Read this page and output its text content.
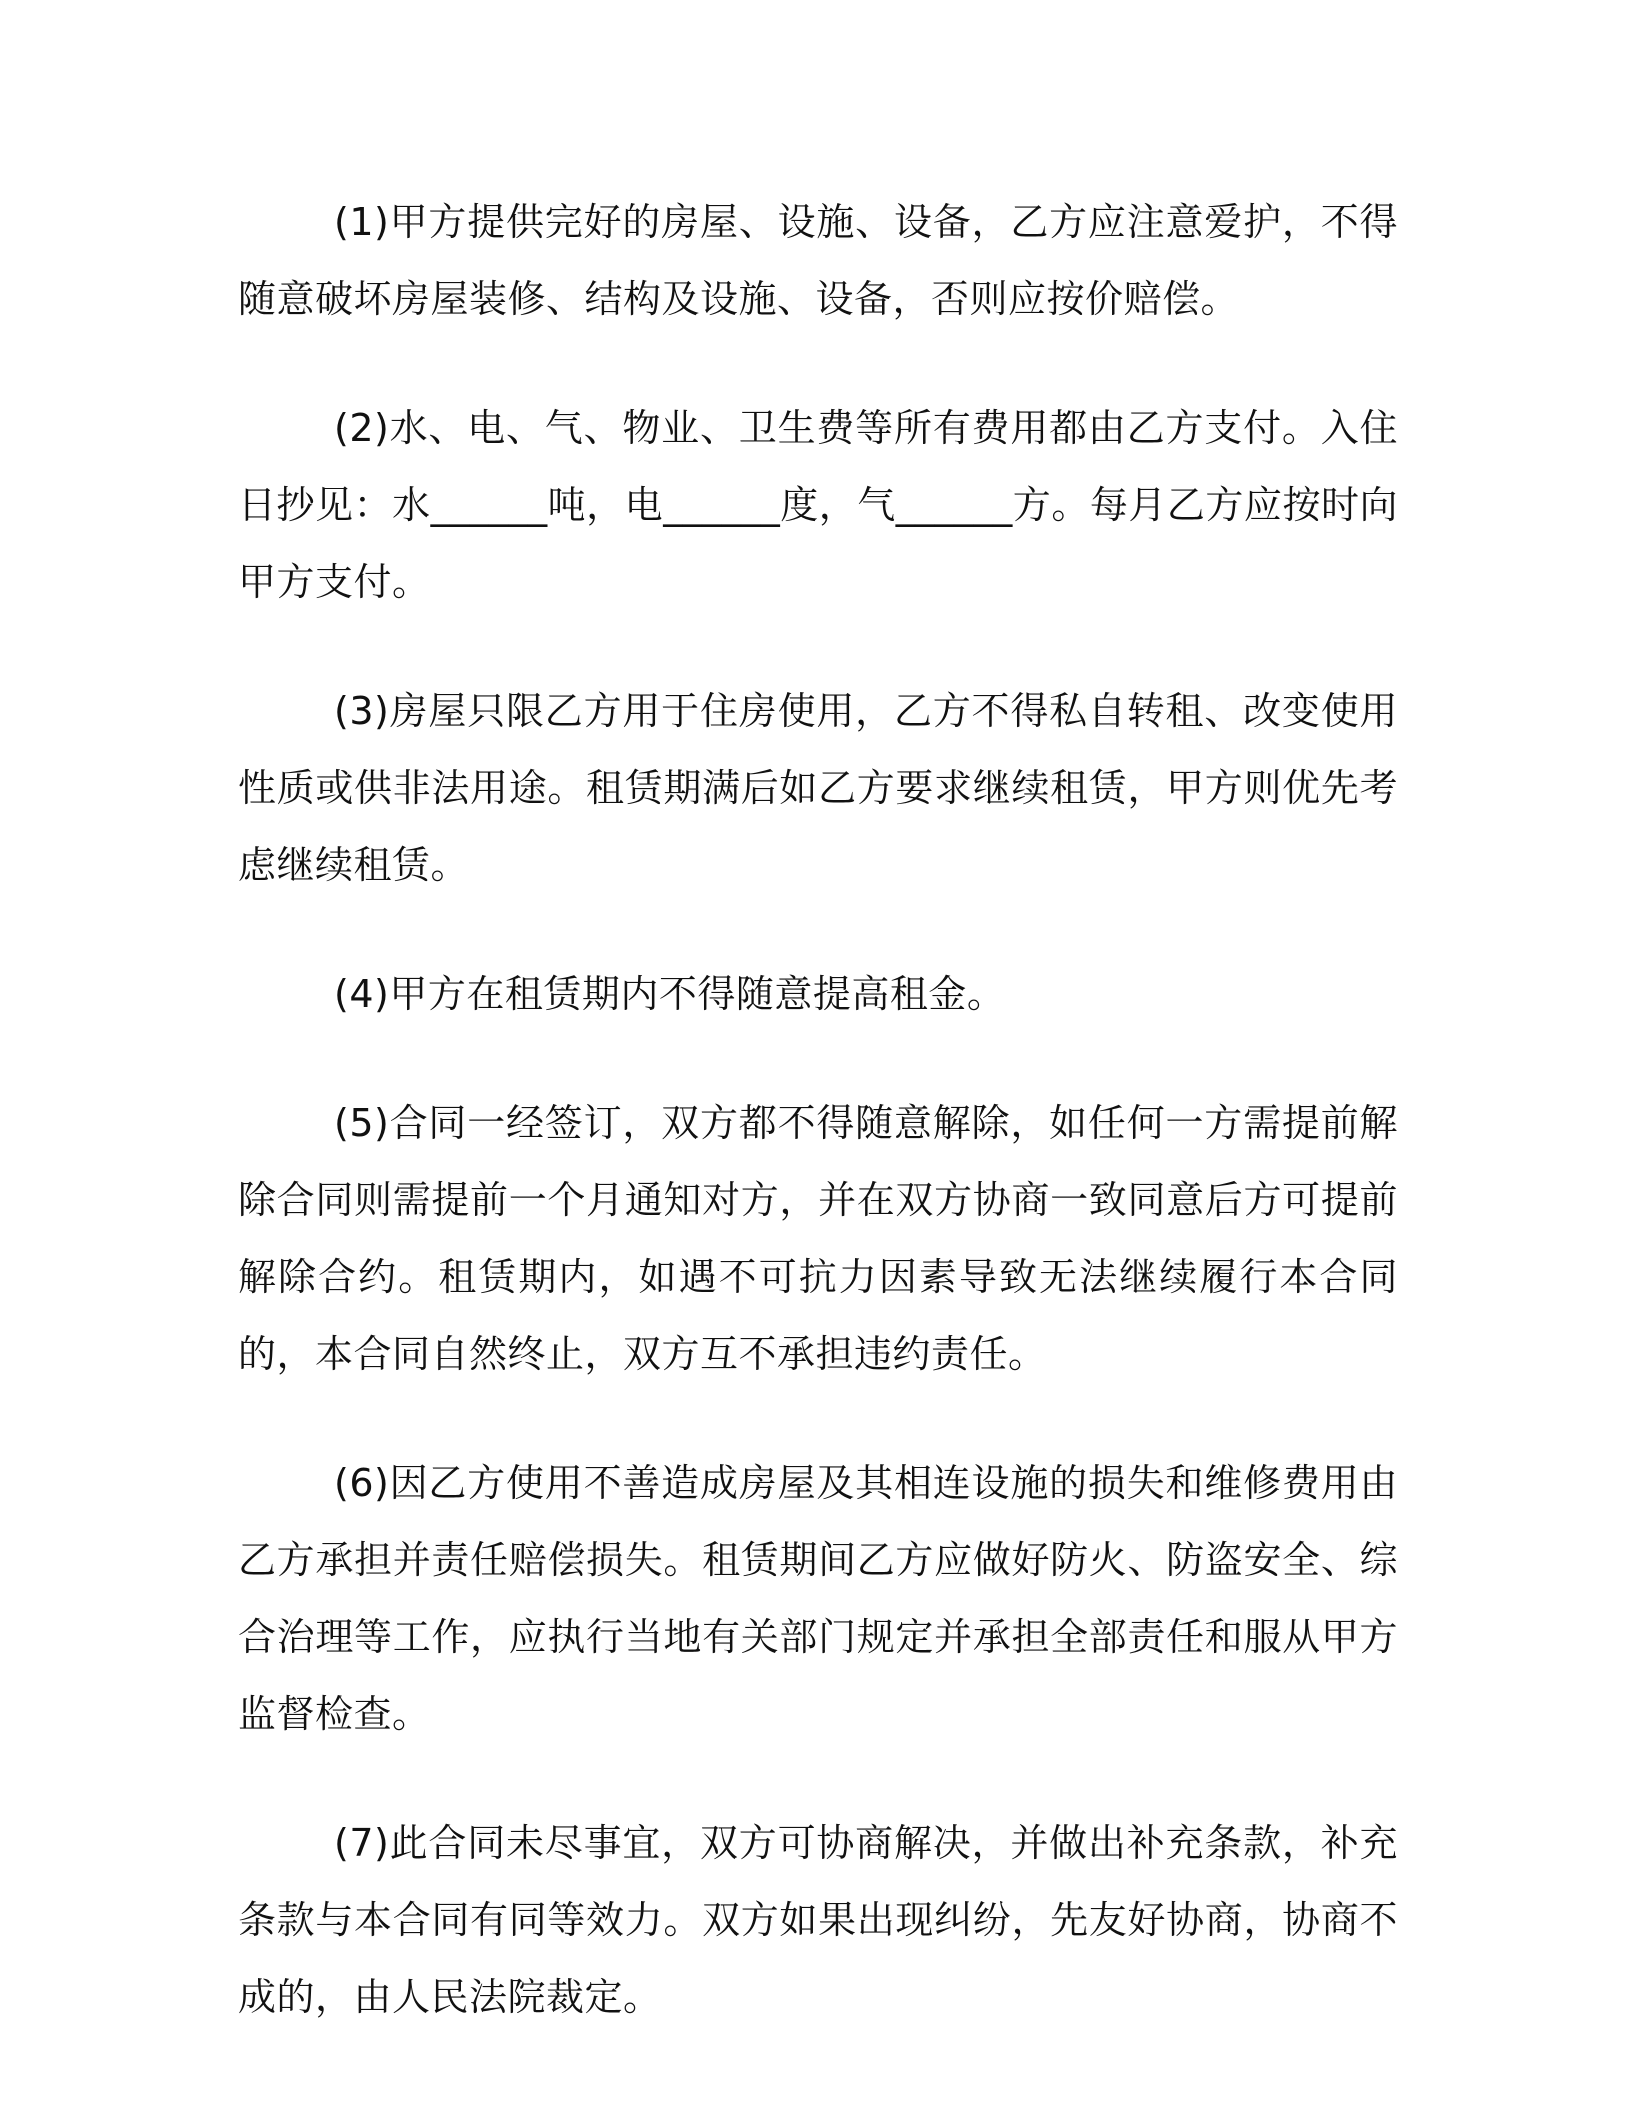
(1)甲方提供完好的房屋、设施、设备，乙方应注意爱护，不得随意破坏房屋装修、结构及设施、设备，否则应按价赔偿。

(2)水、电、气、物业、卫生费等所有费用都由乙方支付。入住日抄见：水______吨，电______度，气______方。每月乙方应按时向甲方支付。

(3)房屋只限乙方用于住房使用，乙方不得私自转租、改变使用性质或供非法用途。租赁期满后如乙方要求继续租赁，甲方则优先考虑继续租赁。

(4)甲方在租赁期内不得随意提高租金。

(5)合同一经签订，双方都不得随意解除，如任何一方需提前解除合同则需提前一个月通知对方，并在双方协商一致同意后方可提前解除合约。租赁期内，如遇不可抗力因素导致无法继续履行本合同的，本合同自然终止，双方互不承担违约责任。

(6)因乙方使用不善造成房屋及其相连设施的损失和维修费用由乙方承担并责任赔偿损失。租赁期间乙方应做好防火、防盗安全、综合治理等工作，应执行当地有关部门规定并承担全部责任和服从甲方监督检查。

(7)此合同未尽事宜，双方可协商解决，并做出补充条款，补充条款与本合同有同等效力。双方如果出现纠纷，先友好协商，协商不成的，由人民法院裁定。
